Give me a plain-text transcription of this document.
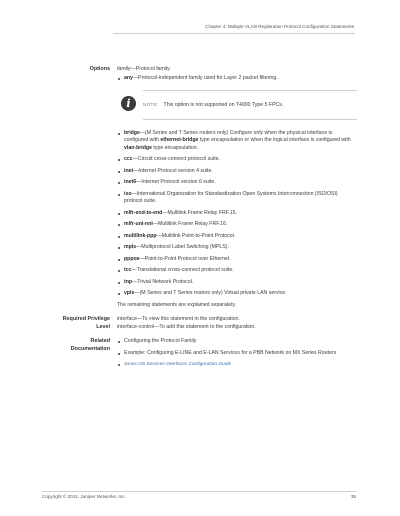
Chapter 4: Multiple VLAN Registration Protocol Configuration Statements
Options family—Protocol family.

any—Protocol-independent family used for Layer 2 packet filtering.
i	NOTE: This option is not supported on T4000 Type 5 FPCs.
bridge—(M Series and T Series routers only) Configure only when the physical interface is configured with ethernet-bridge type encapsulation or when the logical interface is configured with vlan-bridge type encapsulation.
ccc—Circuit cross-connect protocol suite.
inet—Internet Protocol version 4 suite.
inet6—Internet Protocol version 6 suite.
iso—International Organization for Standardization Open Systems Interconnection (ISO/OSI) protocol suite.
mlfr-end-to-end—Multilink Frame Relay FRF.15.
mlfr-uni-nni—Multilink Frame Relay FRF.16.
multilink-ppp—Multilink Point-to-Point Protocol.
mpls—Multiprotocol Label Switching (MPLS).
pppoe—Point-to-Point Protocol over Ethernet.
tcc—Translational cross-connect protocol suite.
tnp—Trivial Network Protocol.
vpls—(M Series and T Series routers only) Virtual private LAN service.

The remaining statements are explained separately.

Required Privilege
Level

interface—To view this statement in the configuration.

interface-control—To add this statement to the configuration.

Related
Documentation
Configuring the Protocol Family
Example: Configuring E-LINE and E-LAN Services for a PBB Network on MX Series Routers
Junos OS Services Interfaces Configuration Guide
Copyright © 2012, Juniper Networks, Inc.	35
